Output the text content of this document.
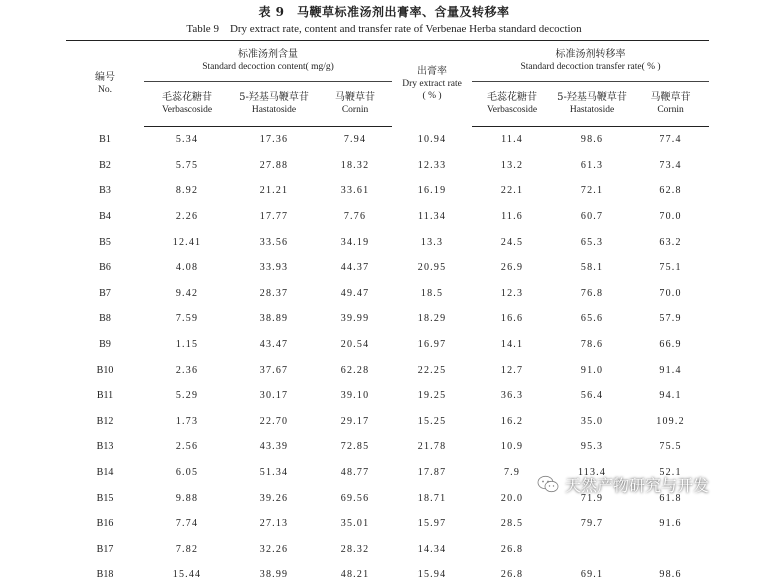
表 9　马鞭草标准汤剂出膏率、含量及转移率
Table 9　Dry extract rate, content and transfer rate of Verbenae Herba standard decoction
编号

No.	标准汤剂含量
Standard decoction content( mg/g)			出膏率
Dry extract rate
( % )	标准汤剂转移率
Standard decoction transfer rate( % )		

	毛蕊花糖苷
Verbascoside	5-羟基马鞭草苷
Hastatoside	马鞭草苷
Cornin		毛蕊花糖苷
Verbascoside	5-羟基马鞭草苷
Hastatoside	马鞭草苷
Cornin

B1	5.34	17.36	7.94	10.94	11.4	98.6	77.4
B2	5.75	27.88	18.32	12.33	13.2	61.3	73.4
B3	8.92	21.21	33.61	16.19	22.1	72.1	62.8
B4	2.26	17.77	7.76	11.34	11.6	60.7	70.0
B5	12.41	33.56	34.19	13.3	24.5	65.3	63.2
B6	4.08	33.93	44.37	20.95	26.9	58.1	75.1
B7	9.42	28.37	49.47	18.5	12.3	76.8	70.0
B8	7.59	38.89	39.99	18.29	16.6	65.6	57.9
B9	1.15	43.47	20.54	16.97	14.1	78.6	66.9
B10	2.36	37.67	62.28	22.25	12.7	91.0	91.4
B11	5.29	30.17	39.10	19.25	36.3	56.4	94.1
B12	1.73	22.70	29.17	15.25	16.2	35.0	109.2
B13	2.56	43.39	72.85	21.78	10.9	95.3	75.5
B14	6.05	51.34	48.77	17.87	7.9	113.4	52.1
B15	9.88	39.26	69.56	18.71	20.0	71.9	61.8
B16	7.74	27.13	35.01	15.97	28.5	79.7	91.6
B17	7.82	32.26	28.32	14.34	26.8		
B18	15.44	38.99	48.21	15.94	26.8	69.1	98.6
天然产物研究与开发
